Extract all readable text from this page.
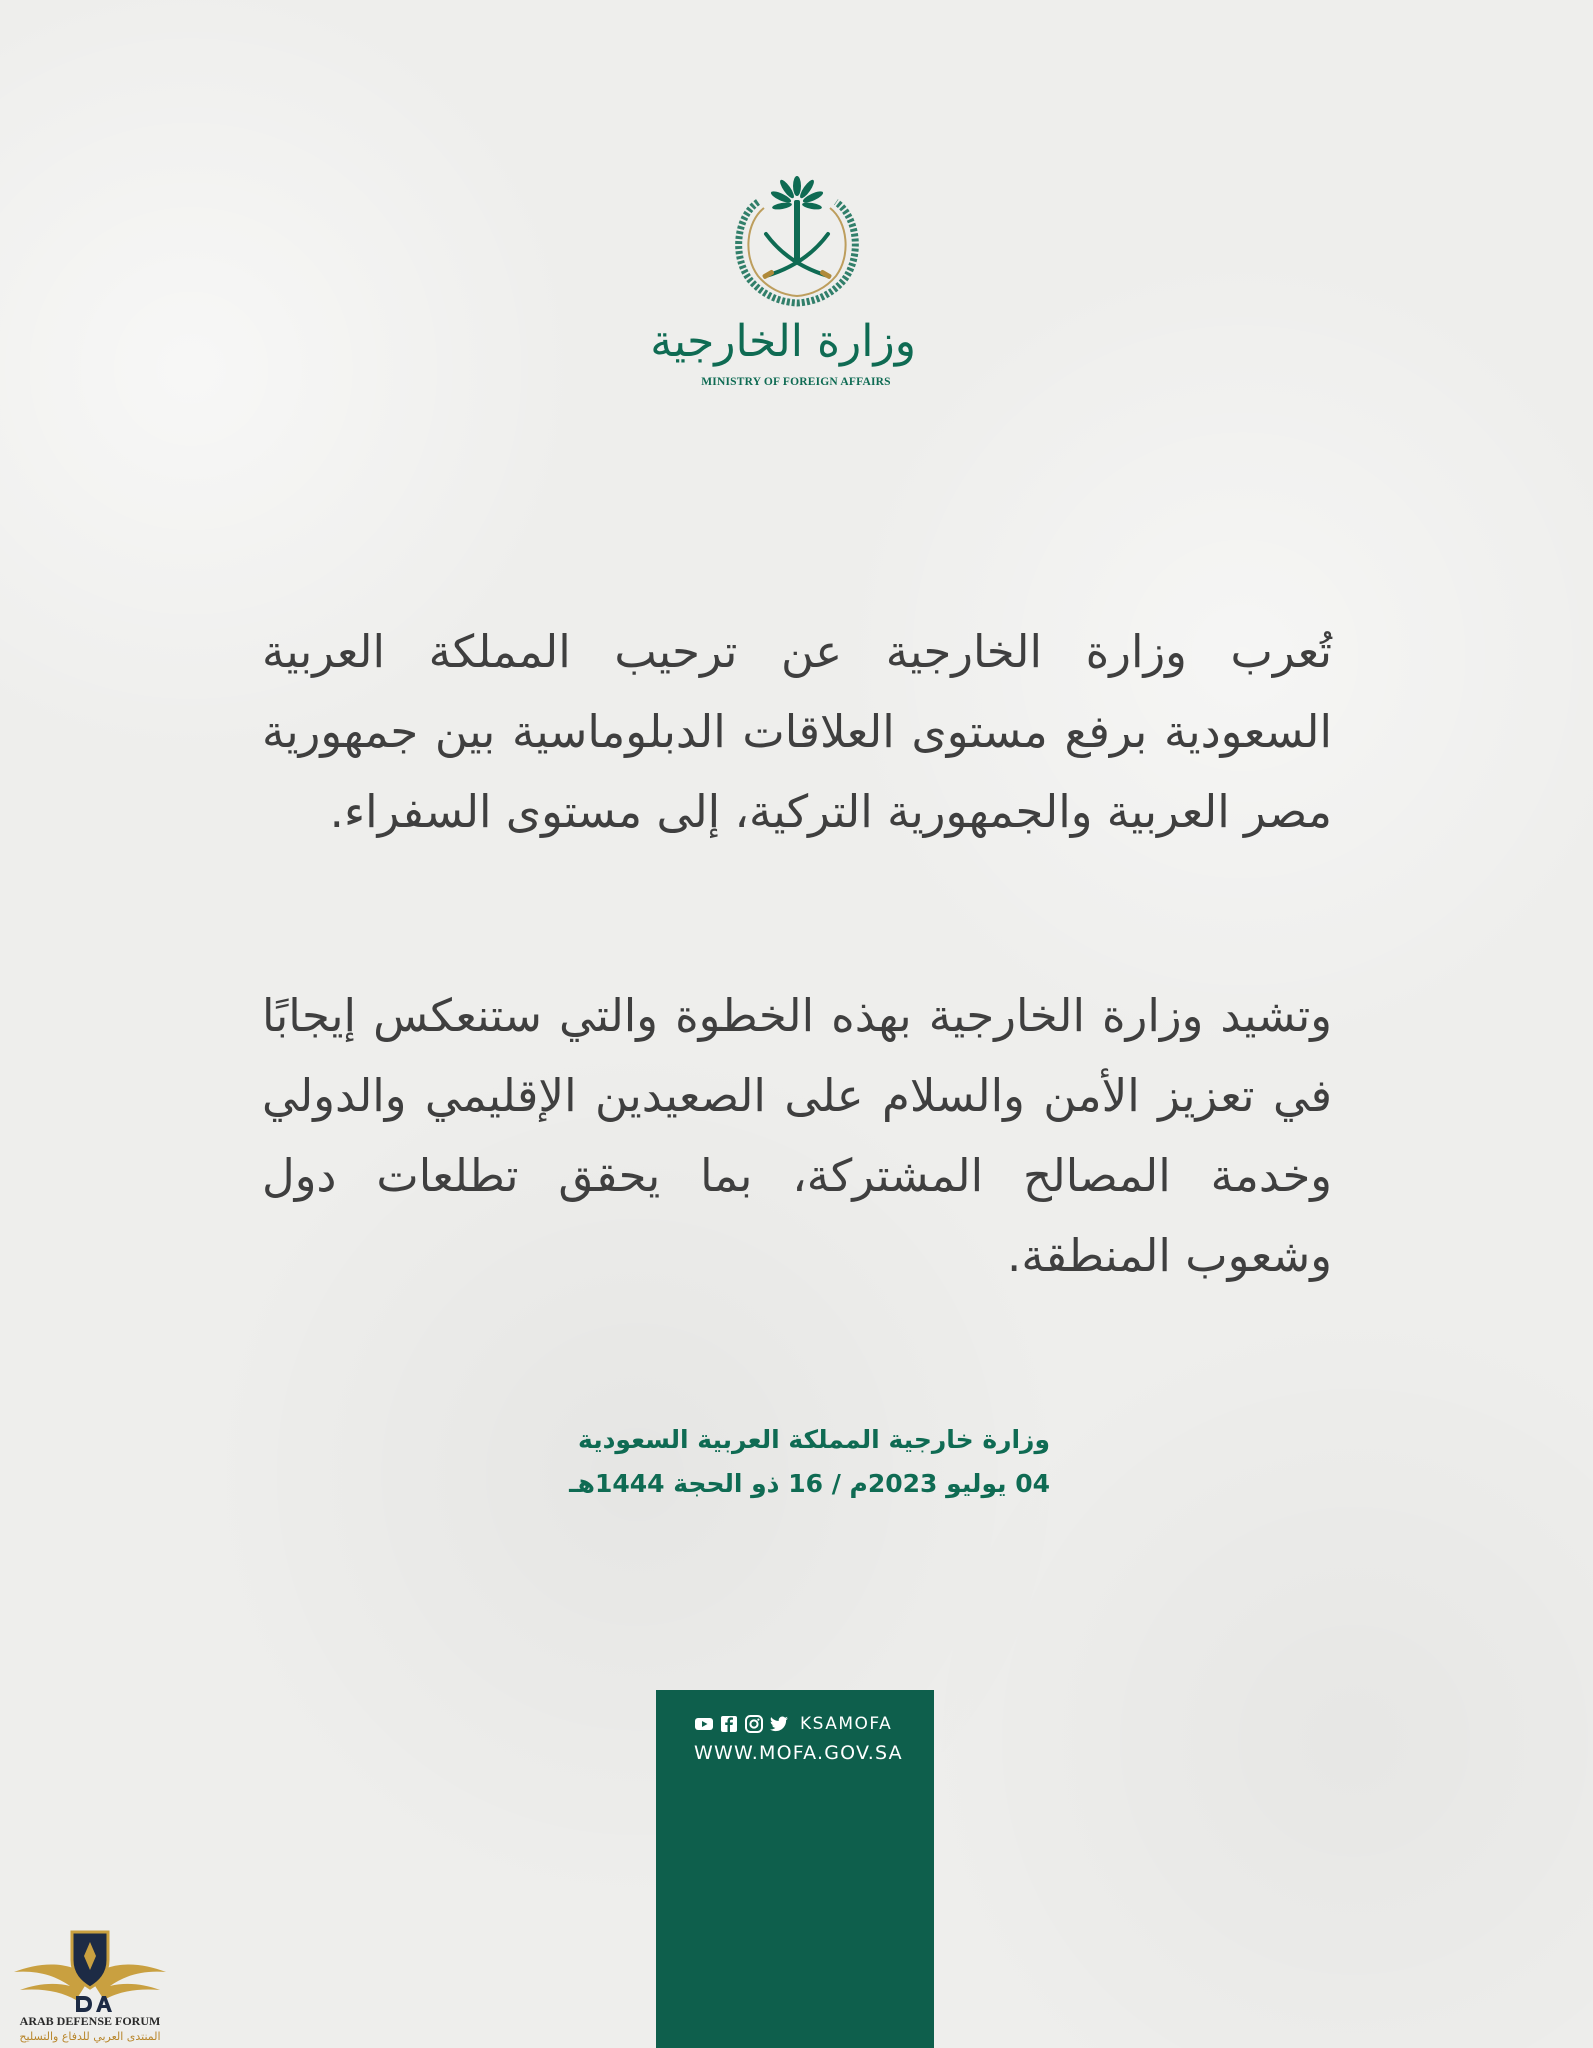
وزارة الخارجية
MINISTRY OF FOREIGN AFFAIRS

تُعرب وزارة الخارجية عن ترحيب المملكة العربية السعودية برفع مستوى العلاقات الدبلوماسية بين جمهورية مصر العربية والجمهورية التركية، إلى مستوى السفراء.

وتشيد وزارة الخارجية بهذه الخطوة والتي ستنعكس إيجابًا في تعزيز الأمن والسلام على الصعيدين الإقليمي والدولي وخدمة المصالح المشتركة، بما يحقق تطلعات دول وشعوب المنطقة.

وزارة خارجية المملكة العربية السعودية
04 يوليو 2023م / 16 ذو الحجة 1444هـ
KSAMOFA
WWW.MOFA.GOV.SA
ARAB DEFENSE FORUM
المنتدى العربي للدفاع والتسليح
